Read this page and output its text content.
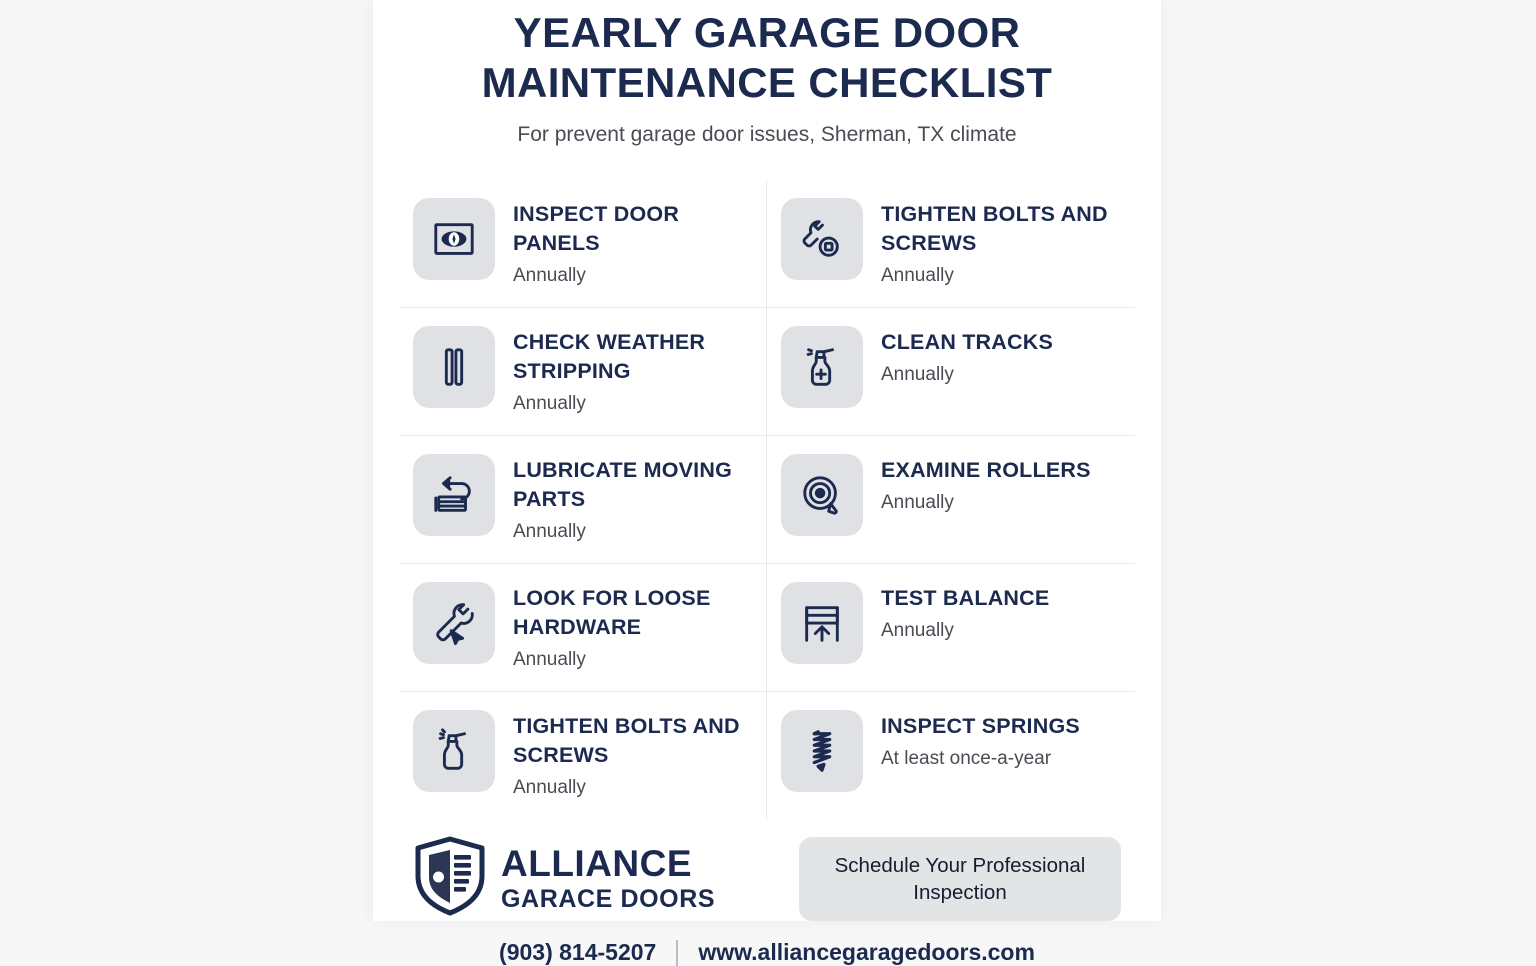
YEARLY GARAGE DOOR
MAINTENANCE CHECKLIST
For prevent garage door issues, Sherman, TX climate
INSPECT DOOR PANELS
Annually
TIGHTEN BOLTS AND SCREWS
Annually
CHECK WEATHER STRIPPING
Annually
CLEAN TRACKS
Annually
LUBRICATE MOVING PARTS
Annually
EXAMINE ROLLERS
Annually
LOOK FOR LOOSE HARDWARE
Annually
TEST BALANCE
Annually
TIGHTEN BOLTS AND SCREWS
Annually
INSPECT SPRINGS
At least once-a-year
ALLIANCE
GARACE DOORS
Schedule Your Professional Inspection
(903) 814-5207 www.alliancegaragedoors.com
